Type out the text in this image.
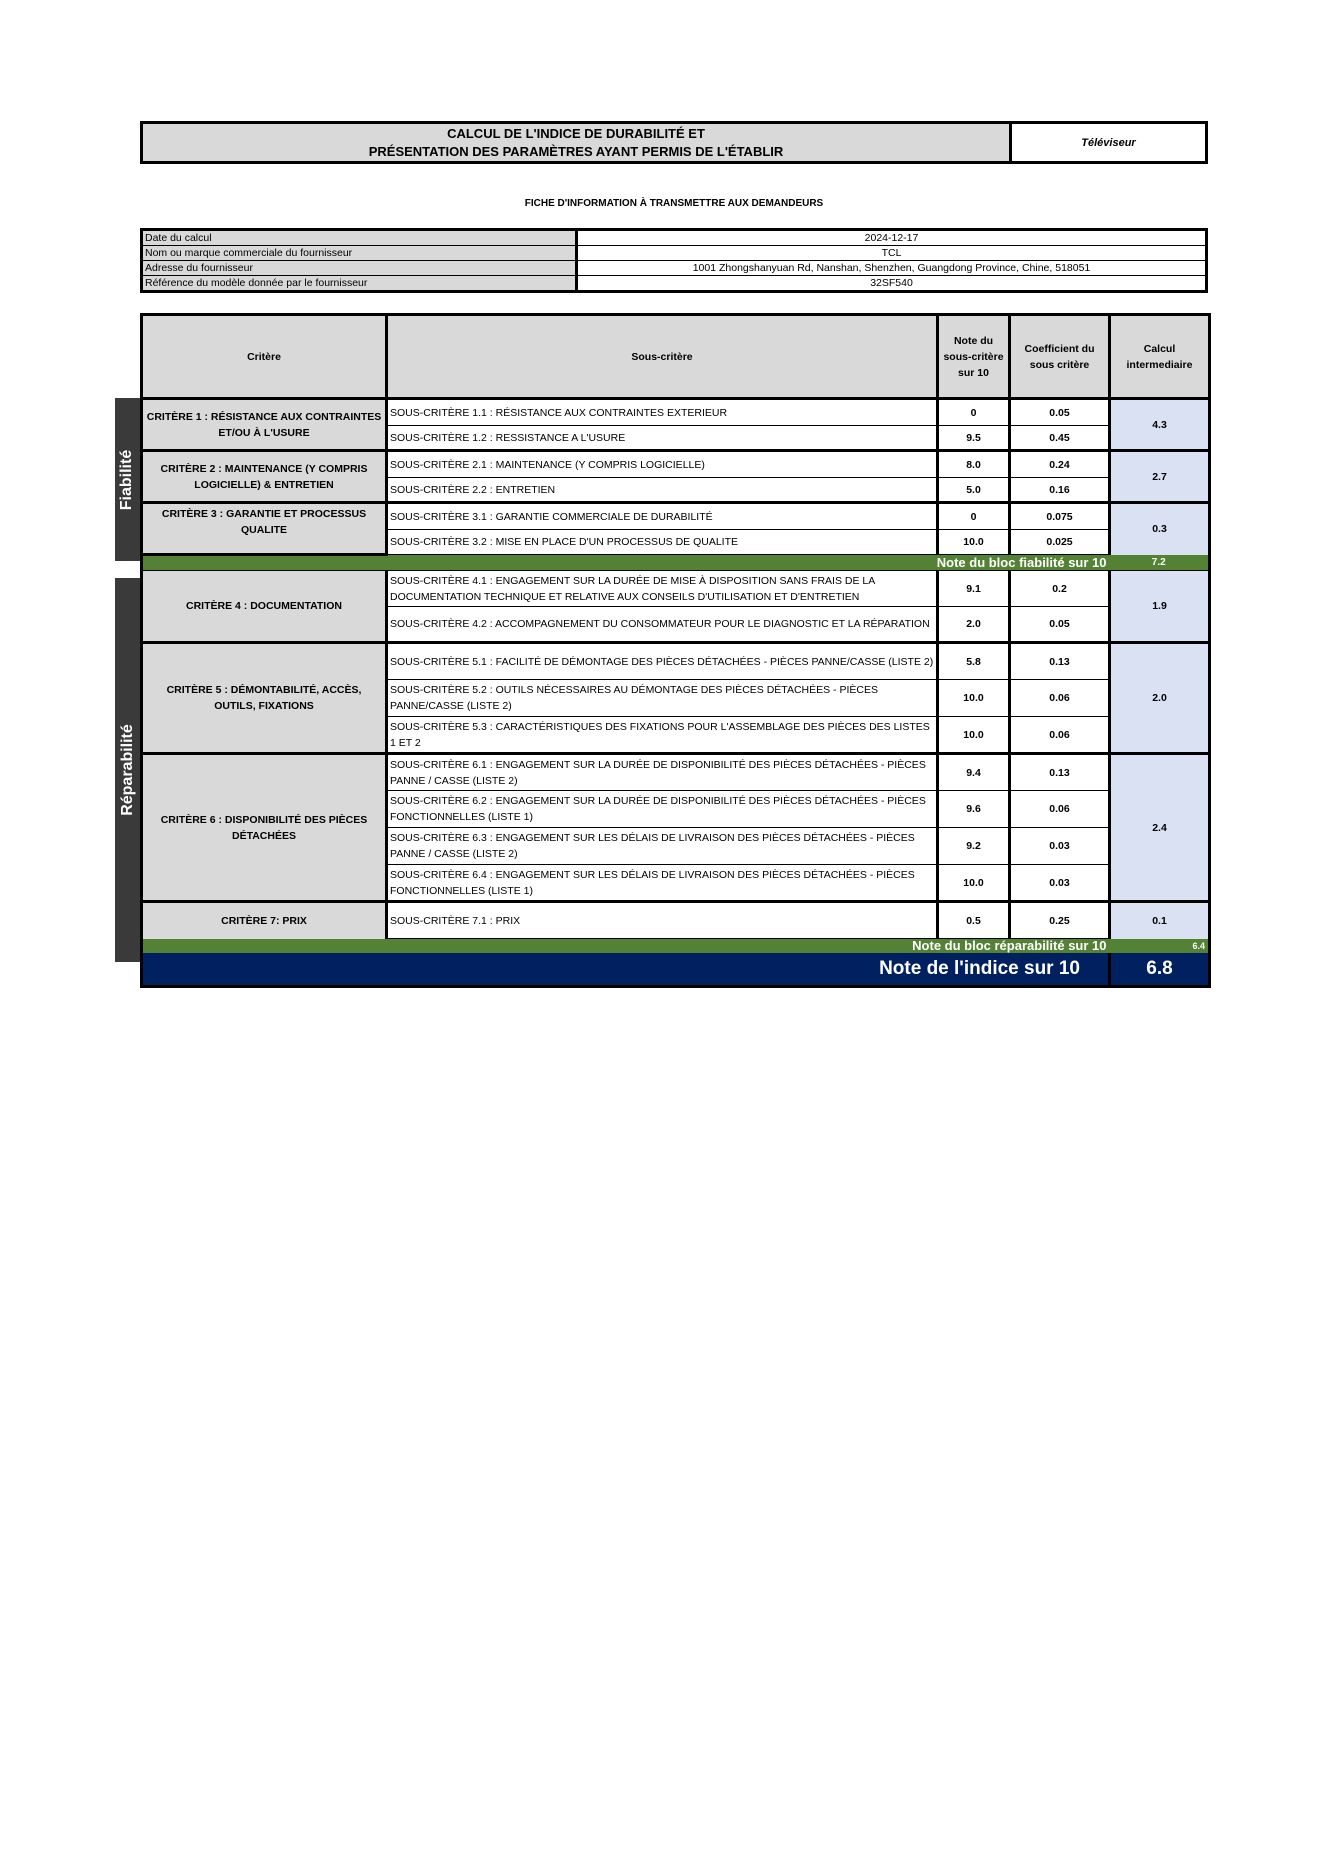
CALCUL DE L'INDICE DE DURABILITÉ ET
PRÉSENTATION DES PARAMÈTRES AYANT PERMIS DE L'ÉTABLIR
Téléviseur
FICHE D'INFORMATION À TRANSMETTRE AUX DEMANDEURS
Date du calcul	2024-12-17
Nom ou marque commerciale du fournisseur	TCL
Adresse du fournisseur	1001 Zhongshanyuan Rd, Nanshan, Shenzhen, Guangdong Province, Chine, 518051
Référence du modèle donnée par le fournisseur	32SF540
Fiabilité
Réparabilité
Critère	Sous-critère	Note du sous-critère sur 10	Coefficient du sous critère	Calcul intermediaire
CRITÈRE 1 : RÉSISTANCE AUX CONTRAINTES ET/OU À L'USURE	SOUS-CRITÈRE 1.1 : RÉSISTANCE AUX CONTRAINTES EXTERIEUR	0	0.05	4.3
	SOUS-CRITÈRE 1.2 : RESSISTANCE A L'USURE	9.5	0.45	
CRITÈRE 2 : MAINTENANCE (Y COMPRIS LOGICIELLE) & ENTRETIEN	SOUS-CRITÈRE 2.1 : MAINTENANCE (Y COMPRIS LOGICIELLE)	8.0	0.24	2.7
	SOUS-CRITÈRE 2.2 : ENTRETIEN	5.0	0.16	
CRITÈRE 3 : GARANTIE ET PROCESSUS QUALITE	SOUS-CRITÈRE 3.1 : GARANTIE COMMERCIALE DE DURABILITÉ	0	0.075	0.3
	SOUS-CRITÈRE 3.2 : MISE EN PLACE D'UN PROCESSUS DE QUALITE	10.0	0.025	
Note du bloc fiabilité sur 10				7.2
CRITÈRE 4 : DOCUMENTATION	SOUS-CRITÈRE 4.1 : ENGAGEMENT SUR LA DURÉE DE MISE À DISPOSITION SANS FRAIS DE LA DOCUMENTATION TECHNIQUE ET RELATIVE AUX CONSEILS D'UTILISATION ET D'ENTRETIEN	9.1	0.2	1.9
	SOUS-CRITÈRE 4.2 : ACCOMPAGNEMENT DU CONSOMMATEUR POUR LE DIAGNOSTIC ET LA RÉPARATION	2.0	0.05	
CRITÈRE 5 : DÉMONTABILITÉ, ACCÈS, OUTILS, FIXATIONS	SOUS-CRITÈRE 5.1 : FACILITÉ DE DÉMONTAGE DES PIÈCES DÉTACHÉES - PIÈCES PANNE/CASSE (LISTE 2)	5.8	0.13	2.0
	SOUS-CRITÈRE 5.2 : OUTILS NÉCESSAIRES AU DÉMONTAGE DES PIÈCES DÉTACHÉES - PIÈCES PANNE/CASSE (LISTE 2)	10.0	0.06	
	SOUS-CRITÈRE 5.3 : CARACTÉRISTIQUES DES FIXATIONS POUR L'ASSEMBLAGE DES PIÈCES DES LISTES 1 ET 2	10.0	0.06	
CRITÈRE 6 : DISPONIBILITÉ DES PIÈCES DÉTACHÉES	SOUS-CRITÈRE 6.1 : ENGAGEMENT SUR LA DURÉE DE DISPONIBILITÉ DES PIÈCES DÉTACHÉES - PIÈCES PANNE / CASSE (LISTE 2)	9.4	0.13	2.4
	SOUS-CRITÈRE 6.2 : ENGAGEMENT SUR LA DURÉE DE DISPONIBILITÉ DES PIÈCES DÉTACHÉES - PIÈCES FONCTIONNELLES (LISTE 1)	9.6	0.06	
	SOUS-CRITÈRE 6.3 : ENGAGEMENT SUR LES DÉLAIS DE LIVRAISON DES PIÈCES DÉTACHÉES - PIÈCES PANNE / CASSE (LISTE 2)	9.2	0.03	
	SOUS-CRITÈRE 6.4 : ENGAGEMENT SUR LES DÉLAIS DE LIVRAISON DES PIÈCES DÉTACHÉES - PIÈCES FONCTIONNELLES (LISTE 1)	10.0	0.03	
CRITÈRE 7: PRIX	SOUS-CRITÈRE 7.1 : PRIX	0.5	0.25	0.1
Note du bloc réparabilité sur 10				6.4
Note de l'indice sur 10				6.8
